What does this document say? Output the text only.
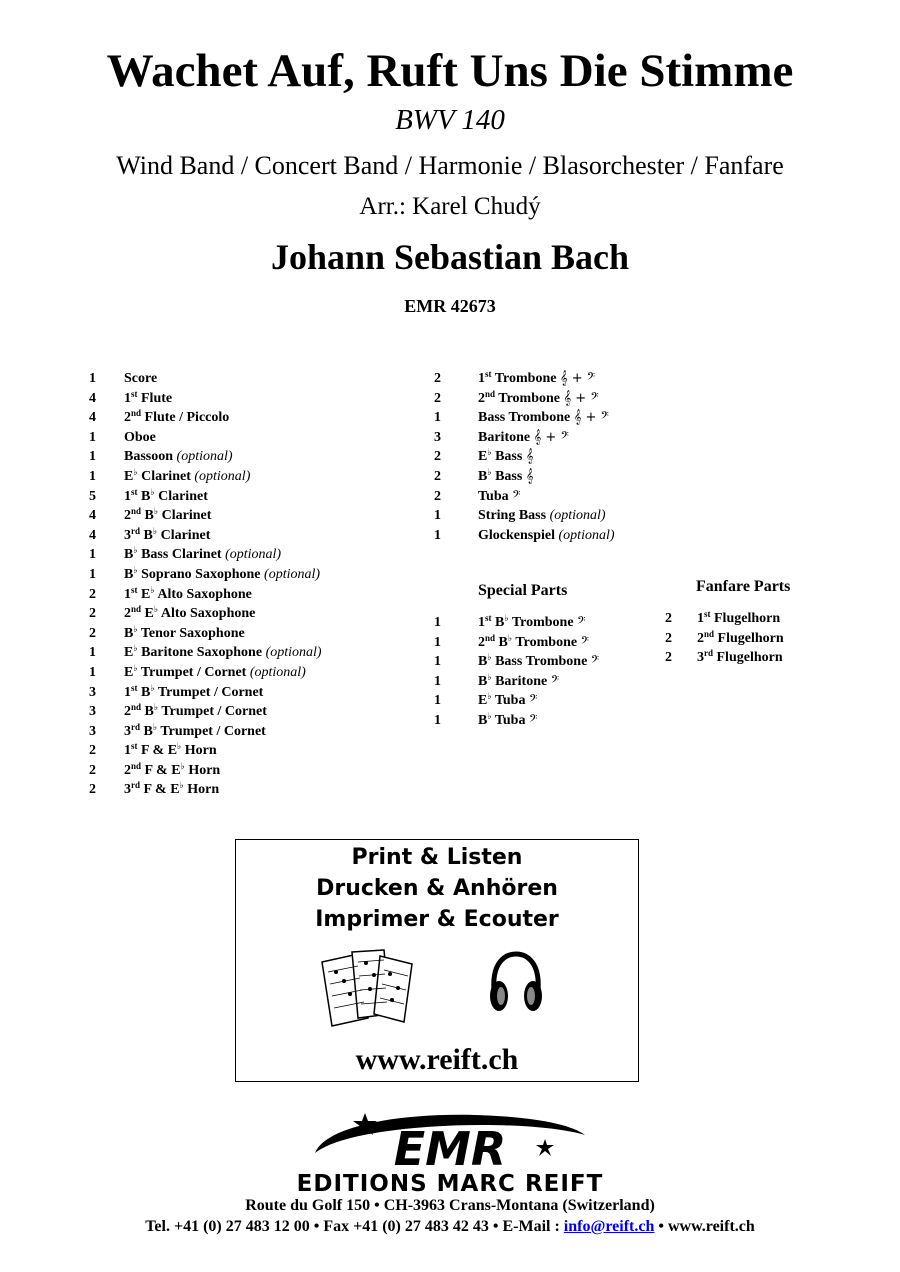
Wachet Auf, Ruft Uns Die Stimme
BWV 140
Wind Band / Concert Band / Harmonie / Blasorchester / Fanfare
Arr.: Karel Chudý
Johann Sebastian Bach
EMR 42673
1 Score
4 1st Flute
4 2nd Flute / Piccolo
1 Oboe
1 Bassoon (optional)
1 E♭ Clarinet (optional)
5 1st B♭ Clarinet
4 2nd B♭ Clarinet
4 3rd B♭ Clarinet
1 B♭ Bass Clarinet (optional)
1 B♭ Soprano Saxophone (optional)
2 1st E♭ Alto Saxophone
2 2nd E♭ Alto Saxophone
2 B♭ Tenor Saxophone
1 E♭ Baritone Saxophone (optional)
1 E♭ Trumpet / Cornet (optional)
3 1st B♭ Trumpet / Cornet
3 2nd B♭ Trumpet / Cornet
3 3rd B♭ Trumpet / Cornet
2 1st F & E♭ Horn
2 2nd F & E♭ Horn
2 3rd F & E♭ Horn
2	1st Trombone 𝄞 + 𝄢
2	2nd Trombone 𝄞 + 𝄢
1	Bass Trombone 𝄞 + 𝄢
3	Baritone 𝄞 + 𝄢
2	E♭ Bass 𝄞
2	B♭ Bass 𝄞
2	Tuba 𝄢
1	String Bass (optional)
1	Glockenspiel (optional)
Special Parts
1	1st B♭ Trombone 𝄢
1	2nd B♭ Trombone 𝄢
1	B♭ Bass Trombone 𝄢
1	B♭ Baritone 𝄢
1	E♭ Tuba 𝄢
1	B♭ Tuba 𝄢
Fanfare Parts
2 1st Flugelhorn
2 2nd Flugelhorn
2 3rd Flugelhorn
Print & Listen
Drucken & Anhören
Imprimer & Ecouter
www.reift.ch
EMR
EDITIONS MARC REIFT
Route du Golf 150 • CH-3963 Crans-Montana (Switzerland)
Tel. +41 (0) 27 483 12 00 • Fax +41 (0) 27 483 42 43 • E-Mail : info@reift.ch • www.reift.ch
